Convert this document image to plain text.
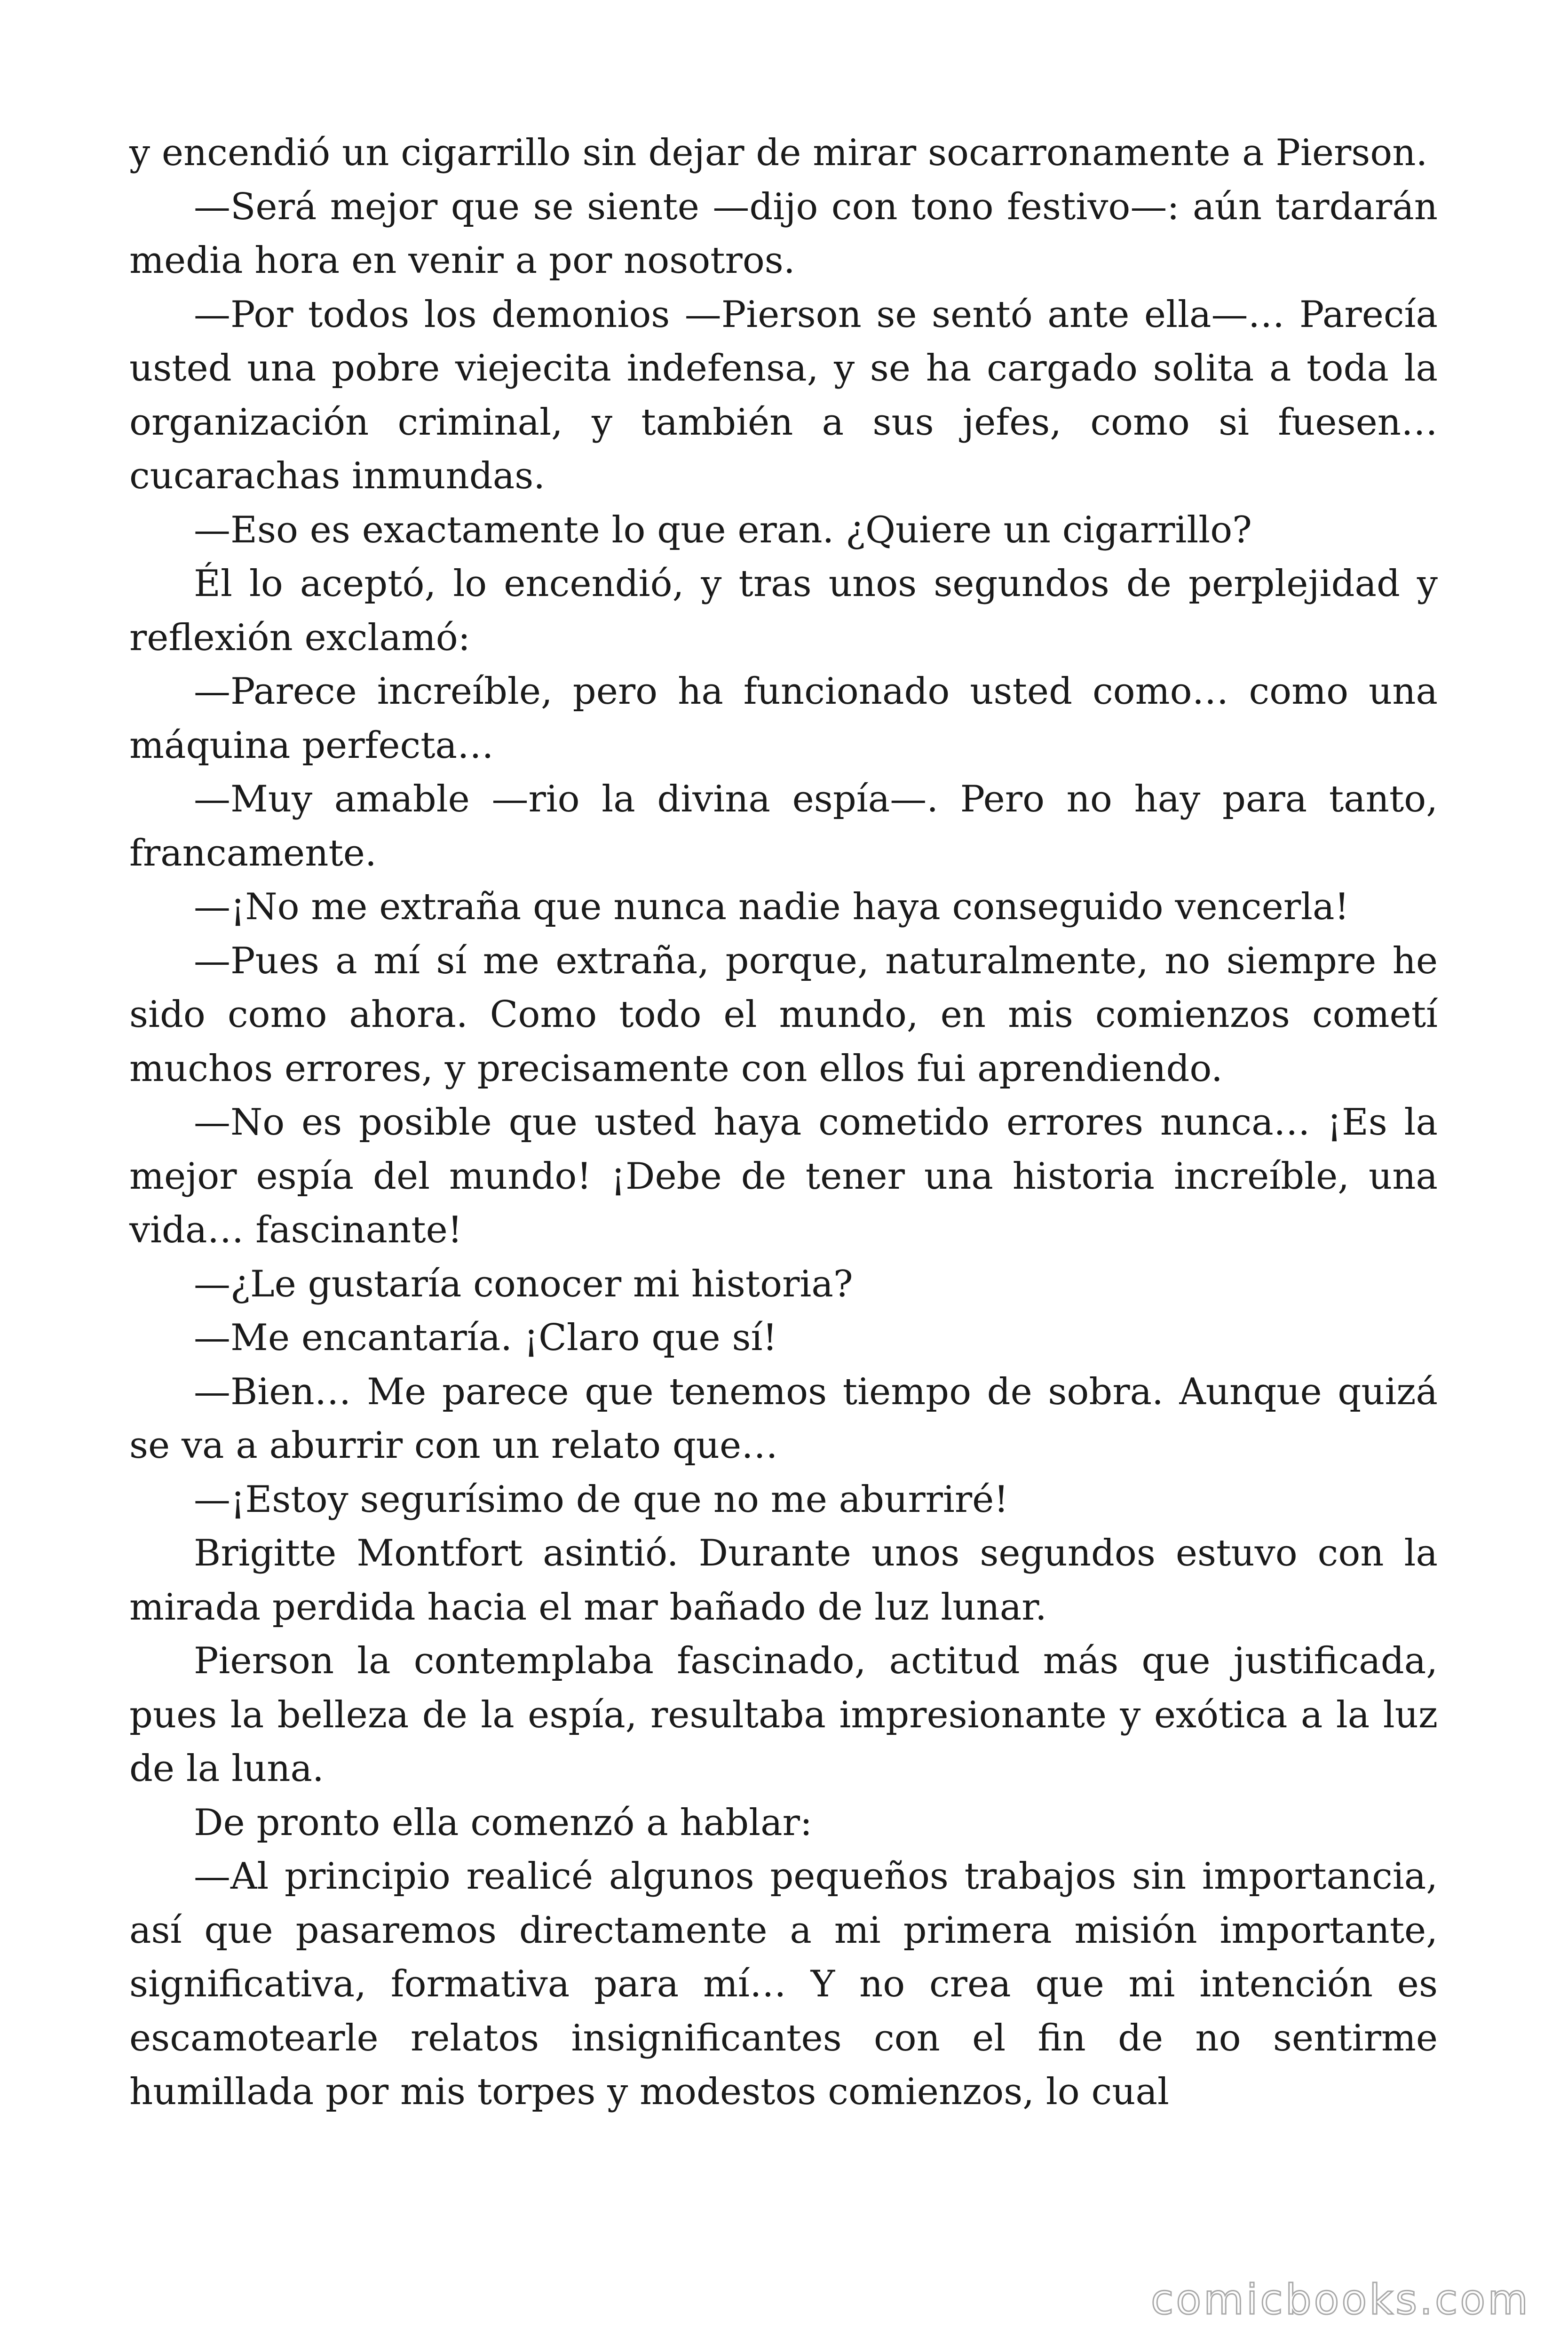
y encendió un cigarrillo sin dejar de mirar socarronamente a Pierson.

—Será mejor que se siente —dijo con tono festivo—: aún tardarán media hora en venir a por nosotros.

—Por todos los demonios —Pierson se sentó ante ella—… Parecía usted una pobre viejecita indefensa, y se ha cargado solita a toda la organización criminal, y también a sus jefes, como si fuesen… cucarachas inmundas.

—Eso es exactamente lo que eran. ¿Quiere un cigarrillo?

Él lo aceptó, lo encendió, y tras unos segundos de perplejidad y reflexión exclamó:

—Parece increíble, pero ha funcionado usted como… como una máquina perfecta…

—Muy amable —rio la divina espía—. Pero no hay para tanto, francamente.

—¡No me extraña que nunca nadie haya conseguido vencerla!

—Pues a mí sí me extraña, porque, naturalmente, no siempre he sido como ahora. Como todo el mundo, en mis comienzos cometí muchos errores, y precisamente con ellos fui aprendiendo.

—No es posible que usted haya cometido errores nunca… ¡Es la mejor espía del mundo! ¡Debe de tener una historia increíble, una vida… fascinante!

—¿Le gustaría conocer mi historia?

—Me encantaría. ¡Claro que sí!

—Bien… Me parece que tenemos tiempo de sobra. Aunque quizá se va a aburrir con un relato que…

—¡Estoy segurísimo de que no me aburriré!

Brigitte Montfort asintió. Durante unos segundos estuvo con la mirada perdida hacia el mar bañado de luz lunar.

Pierson la contemplaba fascinado, actitud más que justificada, pues la belleza de la espía, resultaba impresionante y exótica a la luz de la luna.

De pronto ella comenzó a hablar:

—Al principio realicé algunos pequeños trabajos sin importancia, así que pasaremos directamente a mi primera misión importante, significativa, formativa para mí… Y no crea que mi intención es escamotearle relatos insignificantes con el fin de no sentirme humillada por mis torpes y modestos comienzos, lo cual

comicbooks.com
